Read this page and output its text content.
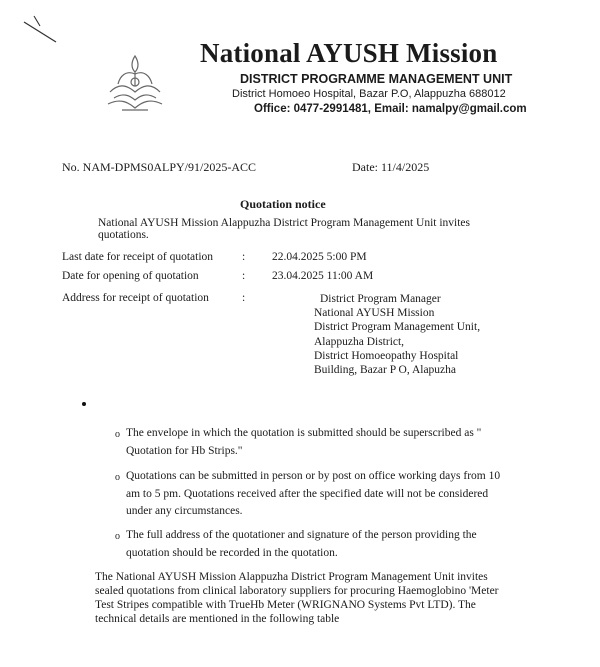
National AYUSH Mission
DISTRICT PROGRAMME MANAGEMENT UNIT
District Homoeo Hospital, Bazar P.O, Alappuzha 688012
Office: 0477-2991481, Email: namalpy@gmail.com
No. NAM-DPMS0ALPY/91/2025-ACC	Date: 11/4/2025
Quotation notice
National AYUSH Mission Alappuzha District Program Management Unit invites quotations.
Last date for receipt of quotation	: 22.04.2025 5:00 PM
Date for opening of quotation	: 23.04.2025 11:00 AM
Address for receipt of quotation	:	District Program Manager
National AYUSH Mission
District Program Management Unit,
Alappuzha District,
District Homoeopathy Hospital
Building, Bazar P O, Alapuzha
o The envelope in which the quotation is submitted should be superscribed as " Quotation for Hb Strips."
o Quotations can be submitted in person or by post on office working days from 10 am to 5 pm. Quotations received after the specified date will not be considered under any circumstances.
o The full address of the quotationer and signature of the person providing the quotation should be recorded in the quotation.
The National AYUSH Mission Alappuzha District Program Management Unit invites sealed quotations from clinical laboratory suppliers for procuring Haemoglobino 'Meter Test Stripes compatible with TrueHb Meter (WRIGNANO Systems Pvt LTD). The technical details are mentioned in the following table
